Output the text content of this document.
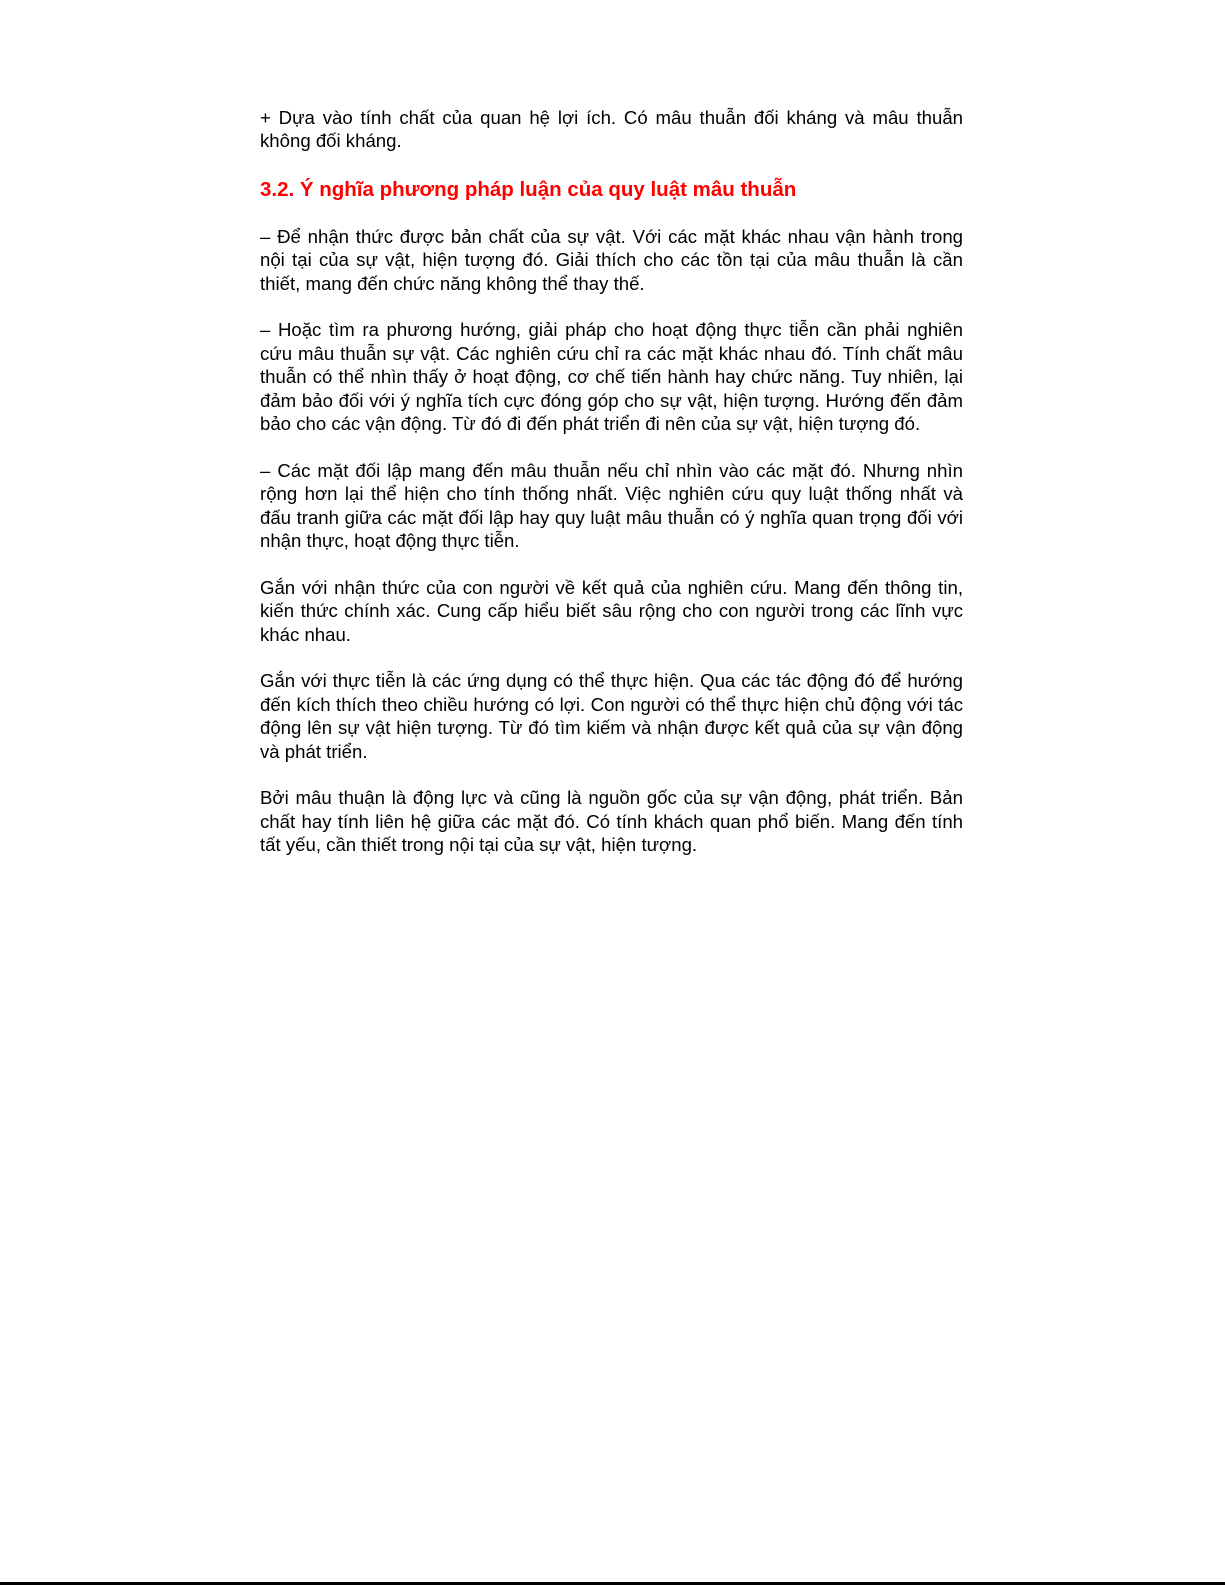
+ Dựa vào tính chất của quan hệ lợi ích. Có mâu thuẫn đối kháng và mâu thuẫn không đối kháng.

3.2. Ý nghĩa phương pháp luận của quy luật mâu thuẫn

– Để nhận thức được bản chất của sự vật. Với các mặt khác nhau vận hành trong nội tại của sự vật, hiện tượng đó. Giải thích cho các tồn tại của mâu thuẫn là cần thiết, mang đến chức năng không thể thay thế.

– Hoặc tìm ra phương hướng, giải pháp cho hoạt động thực tiễn cần phải nghiên cứu mâu thuẫn sự vật. Các nghiên cứu chỉ ra các mặt khác nhau đó. Tính chất mâu thuẫn có thể nhìn thấy ở hoạt động, cơ chế tiến hành hay chức năng. Tuy nhiên, lại đảm bảo đối với ý nghĩa tích cực đóng góp cho sự vật, hiện tượng. Hướng đến đảm bảo cho các vận động. Từ đó đi đến phát triển đi nên của sự vật, hiện tượng đó.

– Các mặt đối lập mang đến mâu thuẫn nếu chỉ nhìn vào các mặt đó. Nhưng nhìn rộng hơn lại thể hiện cho tính thống nhất. Việc nghiên cứu quy luật thống nhất và đấu tranh giữa các mặt đối lập hay quy luật mâu thuẫn có ý nghĩa quan trọng đối với nhận thực, hoạt động thực tiễn.

Gắn với nhận thức của con người về kết quả của nghiên cứu. Mang đến thông tin, kiến thức chính xác. Cung cấp hiểu biết sâu rộng cho con người trong các lĩnh vực khác nhau.

Gắn với thực tiễn là các ứng dụng có thể thực hiện. Qua các tác động đó để hướng đến kích thích theo chiều hướng có lợi. Con người có thể thực hiện chủ động với tác động lên sự vật hiện tượng. Từ đó tìm kiếm và nhận được kết quả của sự vận động và phát triển.

Bởi mâu thuận là động lực và cũng là nguồn gốc của sự vận động, phát triển. Bản chất hay tính liên hệ giữa các mặt đó. Có tính khách quan phổ biến. Mang đến tính tất yếu, cần thiết trong nội tại của sự vật, hiện tượng.
